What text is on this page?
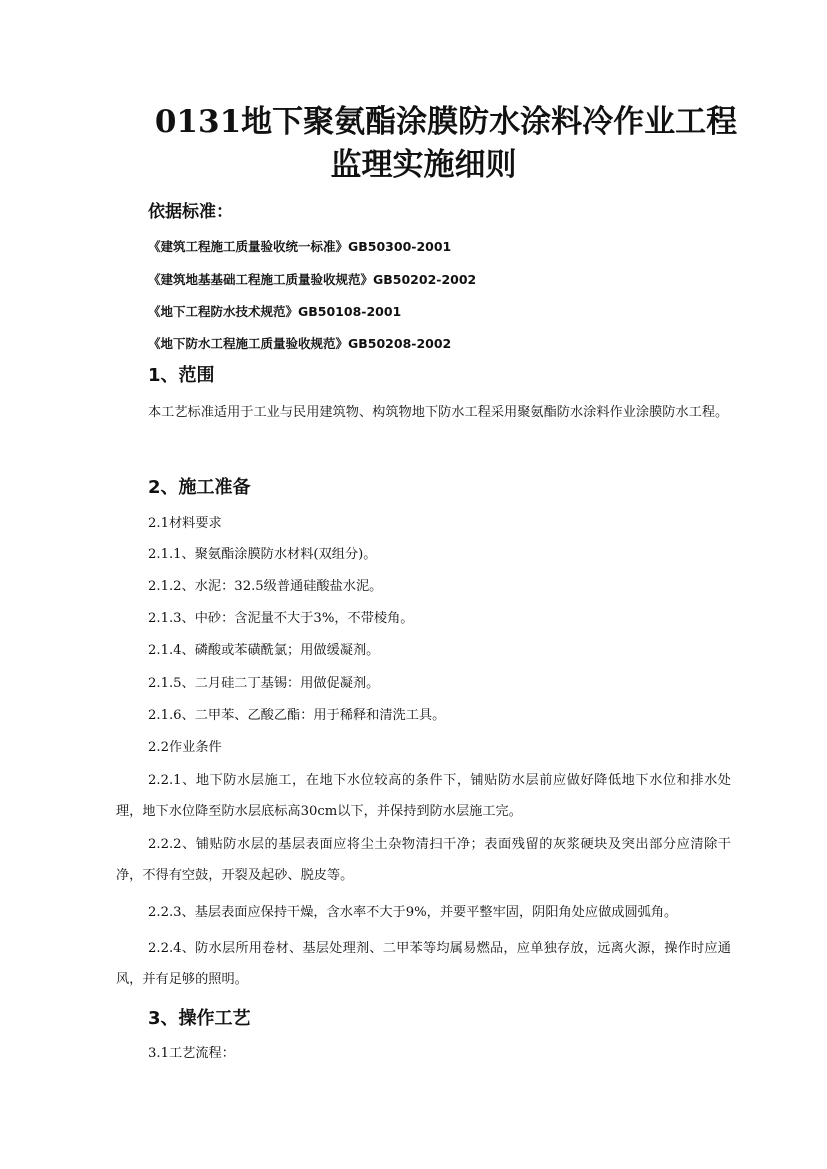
0131地下聚氨酯涂膜防水涂料冷作业工程
监理实施细则
依据标准：
《建筑工程施工质量验收统一标准》GB50300-2001
《建筑地基基础工程施工质量验收规范》GB50202-2002
《地下工程防水技术规范》GB50108-2001
《地下防水工程施工质量验收规范》GB50208-2002
1、范围
本工艺标准适用于工业与民用建筑物、构筑物地下防水工程采用聚氨酯防水涂料作业涂膜防水工程。
2、施工准备
2.1材料要求
2.1.1、聚氨酯涂膜防水材料(双组分)。
2.1.2、水泥：32.5级普通硅酸盐水泥。
2.1.3、中砂：含泥量不大于3%，不带棱角。
2.1.4、磷酸或苯磺酰氯；用做缓凝剂。
2.1.5、二月硅二丁基锡：用做促凝剂。
2.1.6、二甲苯、乙酸乙酯：用于稀释和清洗工具。
2.2作业条件
2.2.1、地下防水层施工，在地下水位较高的条件下，铺贴防水层前应做好降低地下水位和排水处理，地下水位降至防水层底标高30cm以下，并保持到防水层施工完。
2.2.2、铺贴防水层的基层表面应将尘土杂物清扫干净；表面残留的灰浆硬块及突出部分应清除干净，不得有空鼓，开裂及起砂、脱皮等。
2.2.3、基层表面应保持干燥，含水率不大于9%，并要平整牢固，阴阳角处应做成圆弧角。
2.2.4、防水层所用卷材、基层处理剂、二甲苯等均属易燃品，应单独存放，远离火源，操作时应通风，并有足够的照明。
3、操作工艺
3.1工艺流程：
